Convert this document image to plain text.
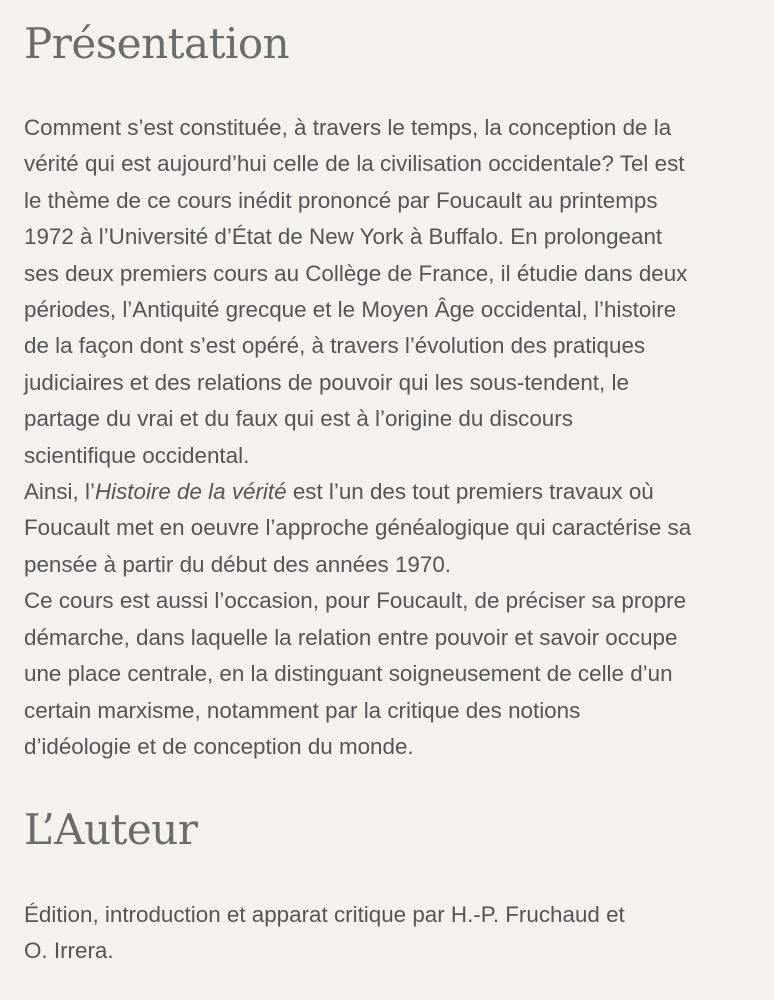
Présentation
Comment s’est constituée, à travers le temps, la conception de la
vérité qui est aujourd’hui celle de la civilisation occidentale? Tel est
le thème de ce cours inédit prononcé par Foucault au printemps
1972 à l’Université d’État de New York à Buffalo. En prolongeant
ses deux premiers cours au Collège de France, il étudie dans deux
périodes, l’Antiquité grecque et le Moyen Âge occidental, l’histoire
de la façon dont s’est opéré, à travers l’évolution des pratiques
judiciaires et des relations de pouvoir qui les sous-tendent, le
partage du vrai et du faux qui est à l’origine du discours
scientifique occidental.
Ainsi, l’Histoire de la vérité est l’un des tout premiers travaux où
Foucault met en oeuvre l’approche généalogique qui caractérise sa
pensée à partir du début des années 1970.
Ce cours est aussi l’occasion, pour Foucault, de préciser sa propre
démarche, dans laquelle la relation entre pouvoir et savoir occupe
une place centrale, en la distinguant soigneusement de celle d’un
certain marxisme, notamment par la critique des notions
d’idéologie et de conception du monde.
L’Auteur
Édition, introduction et apparat critique par H.-P. Fruchaud et
O. Irrera.
